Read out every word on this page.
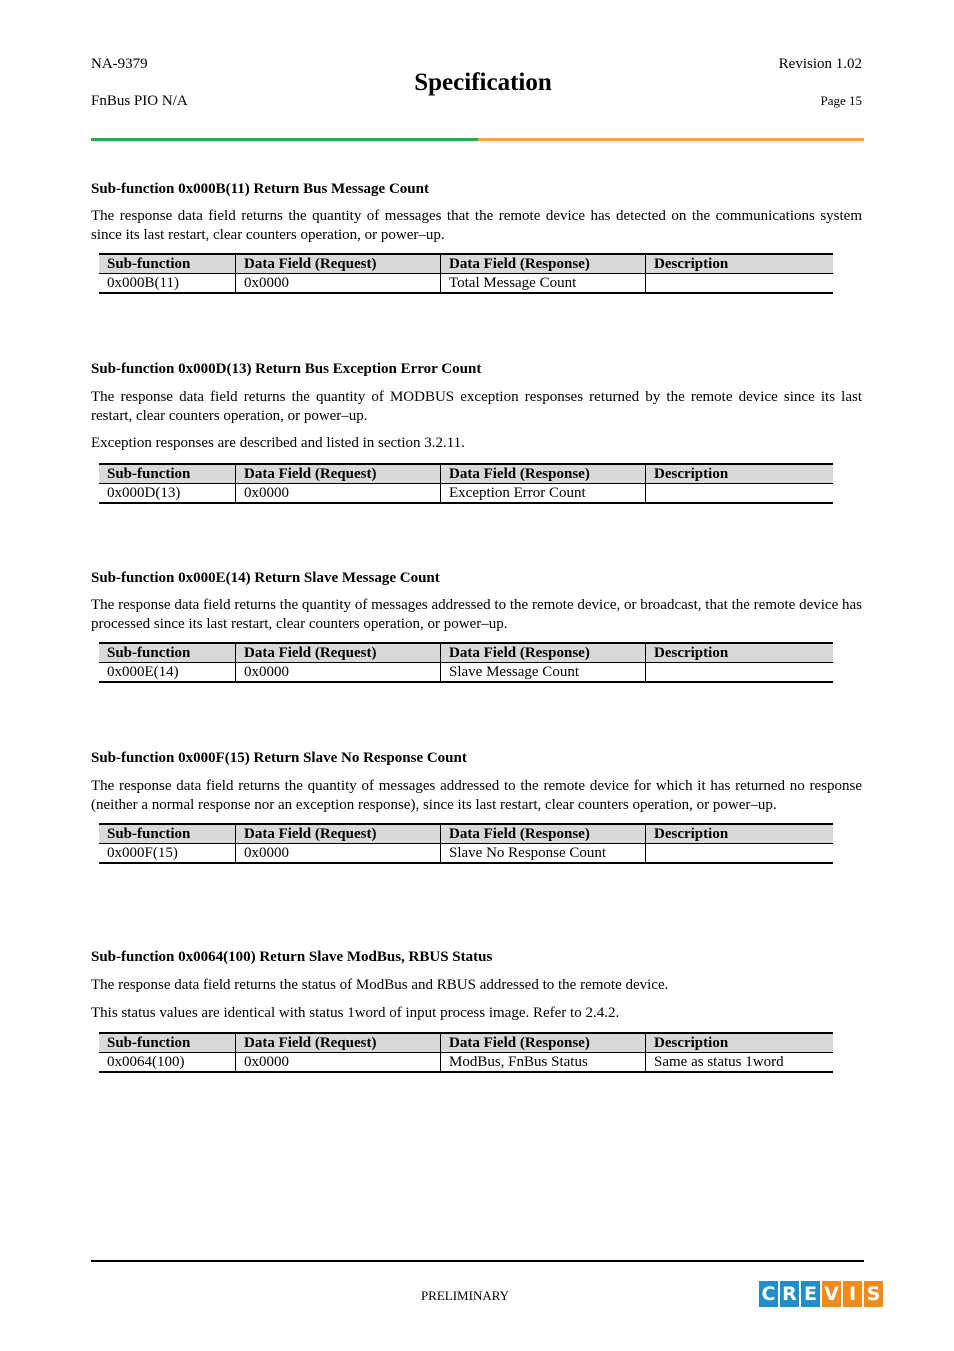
NA-9379
FnBus PIO N/A
Specification
Revision 1.02
Page 15
Sub-function 0x000B(11) Return Bus Message Count

The response data field returns the quantity of messages that the remote device has detected on the communications system since its last restart, clear counters operation, or power–up.

Sub-function	Data Field (Request)	Data Field (Response)	Description
0x000B(11)	0x0000	Total Message Count	
Sub-function 0x000D(13) Return Bus Exception Error Count

The response data field returns the quantity of MODBUS exception responses returned by the remote device since its last restart, clear counters operation, or power–up.

Exception responses are described and listed in section 3.2.11.

Sub-function	Data Field (Request)	Data Field (Response)	Description
0x000D(13)	0x0000	Exception Error Count	
Sub-function 0x000E(14) Return Slave Message Count

The response data field returns the quantity of messages addressed to the remote device, or broadcast, that the remote device has processed since its last restart, clear counters operation, or power–up.

Sub-function	Data Field (Request)	Data Field (Response)	Description
0x000E(14)	0x0000	Slave Message Count	
Sub-function 0x000F(15) Return Slave No Response Count

The response data field returns the quantity of messages addressed to the remote device for which it has returned no response (neither a normal response nor an exception response), since its last restart, clear counters operation, or power–up.

Sub-function	Data Field (Request)	Data Field (Response)	Description
0x000F(15)	0x0000	Slave No Response Count	
Sub-function 0x0064(100) Return Slave ModBus, RBUS Status

The response data field returns the status of ModBus and RBUS addressed to the remote device.

This status values are identical with status 1word of input process image. Refer to 2.4.2.

Sub-function	Data Field (Request)	Data Field (Response)	Description
0x0064(100)	0x0000	ModBus, FnBus Status	Same as status 1word
PRELIMINARY	C R E V I S
